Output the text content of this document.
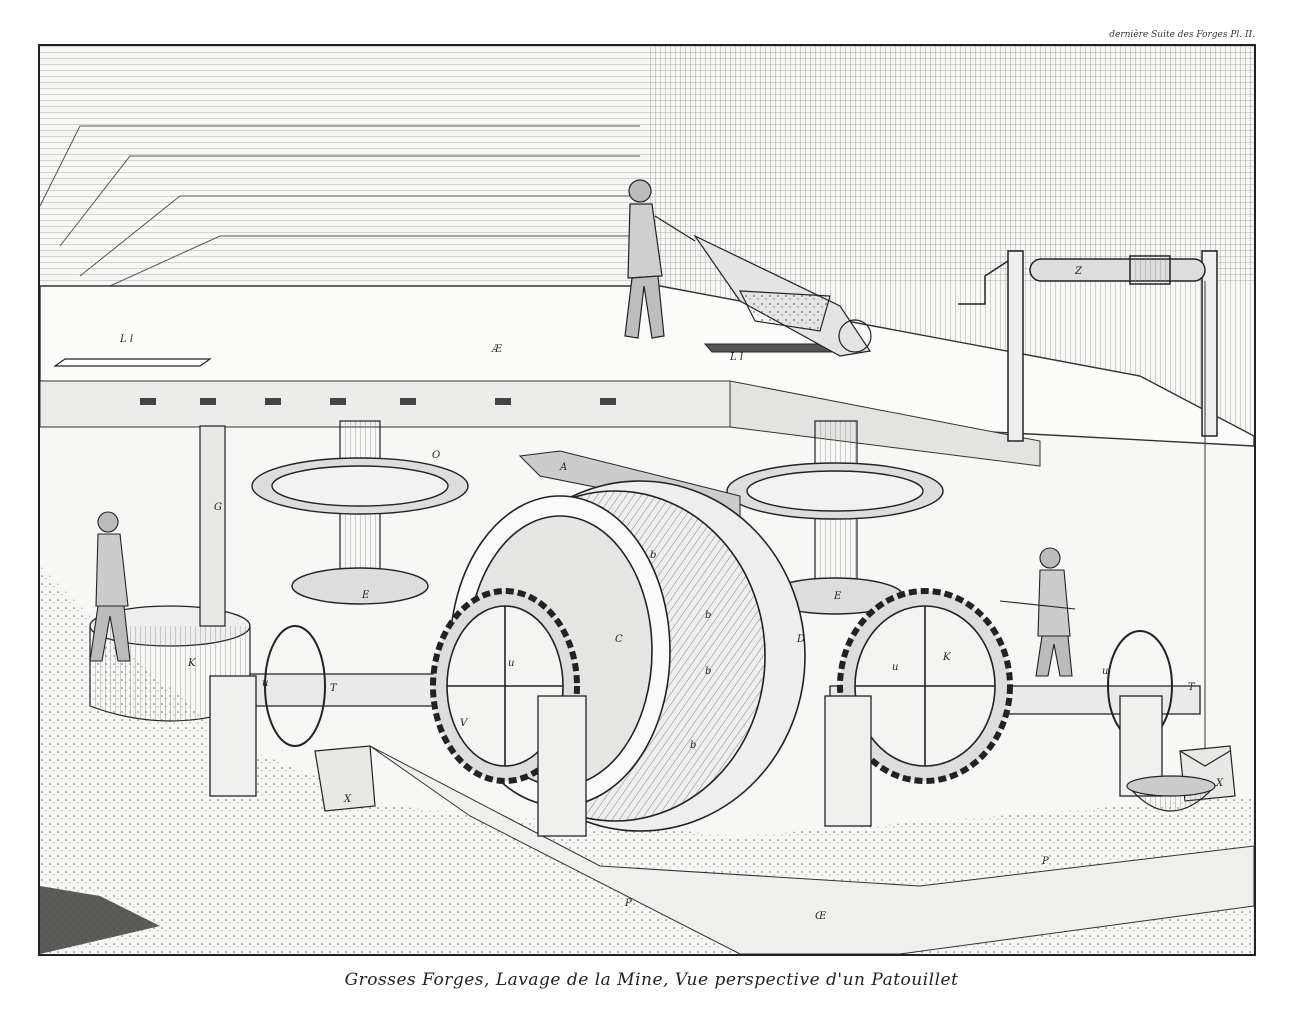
dernière Suite des Forges Pl. II.
L l
L l
Æ
Z
Œ
K
E	E
G
O
A
b
b
b
b
C	D
V
K
u
u	u	u
T	T
X
X
P
P
Grosses Forges, Lavage de la Mine, Vue perspective d'un Patouillet
